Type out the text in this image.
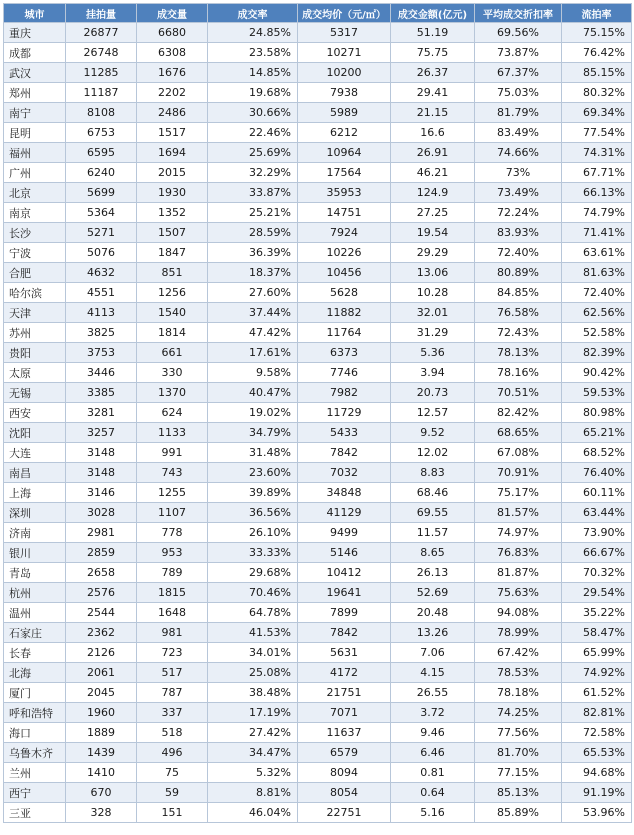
城市	挂拍量	成交量	成交率	成交均价（元/㎡）	成交金额(亿元)	平均成交折扣率	流拍率
重庆	26877	6680	24.85%	5317	51.19	69.56%	75.15%
成都	26748	6308	23.58%	10271	75.75	73.87%	76.42%
武汉	11285	1676	14.85%	10200	26.37	67.37%	85.15%
郑州	11187	2202	19.68%	7938	29.41	75.03%	80.32%
南宁	8108	2486	30.66%	5989	21.15	81.79%	69.34%
昆明	6753	1517	22.46%	6212	16.6	83.49%	77.54%
福州	6595	1694	25.69%	10964	26.91	74.66%	74.31%
广州	6240	2015	32.29%	17564	46.21	73%	67.71%
北京	5699	1930	33.87%	35953	124.9	73.49%	66.13%
南京	5364	1352	25.21%	14751	27.25	72.24%	74.79%
长沙	5271	1507	28.59%	7924	19.54	83.93%	71.41%
宁波	5076	1847	36.39%	10226	29.29	72.40%	63.61%
合肥	4632	851	18.37%	10456	13.06	80.89%	81.63%
哈尔滨	4551	1256	27.60%	5628	10.28	84.85%	72.40%
天津	4113	1540	37.44%	11882	32.01	76.58%	62.56%
苏州	3825	1814	47.42%	11764	31.29	72.43%	52.58%
贵阳	3753	661	17.61%	6373	5.36	78.13%	82.39%
太原	3446	330	9.58%	7746	3.94	78.16%	90.42%
无锡	3385	1370	40.47%	7982	20.73	70.51%	59.53%
西安	3281	624	19.02%	11729	12.57	82.42%	80.98%
沈阳	3257	1133	34.79%	5433	9.52	68.65%	65.21%
大连	3148	991	31.48%	7842	12.02	67.08%	68.52%
南昌	3148	743	23.60%	7032	8.83	70.91%	76.40%
上海	3146	1255	39.89%	34848	68.46	75.17%	60.11%
深圳	3028	1107	36.56%	41129	69.55	81.57%	63.44%
济南	2981	778	26.10%	9499	11.57	74.97%	73.90%
银川	2859	953	33.33%	5146	8.65	76.83%	66.67%
青岛	2658	789	29.68%	10412	26.13	81.87%	70.32%
杭州	2576	1815	70.46%	19641	52.69	75.63%	29.54%
温州	2544	1648	64.78%	7899	20.48	94.08%	35.22%
石家庄	2362	981	41.53%	7842	13.26	78.99%	58.47%
长春	2126	723	34.01%	5631	7.06	67.42%	65.99%
北海	2061	517	25.08%	4172	4.15	78.53%	74.92%
厦门	2045	787	38.48%	21751	26.55	78.18%	61.52%
呼和浩特	1960	337	17.19%	7071	3.72	74.25%	82.81%
海口	1889	518	27.42%	11637	9.46	77.56%	72.58%
乌鲁木齐	1439	496	34.47%	6579	6.46	81.70%	65.53%
兰州	1410	75	5.32%	8094	0.81	77.15%	94.68%
西宁	670	59	8.81%	8054	0.64	85.13%	91.19%
三亚	328	151	46.04%	22751	5.16	85.89%	53.96%
